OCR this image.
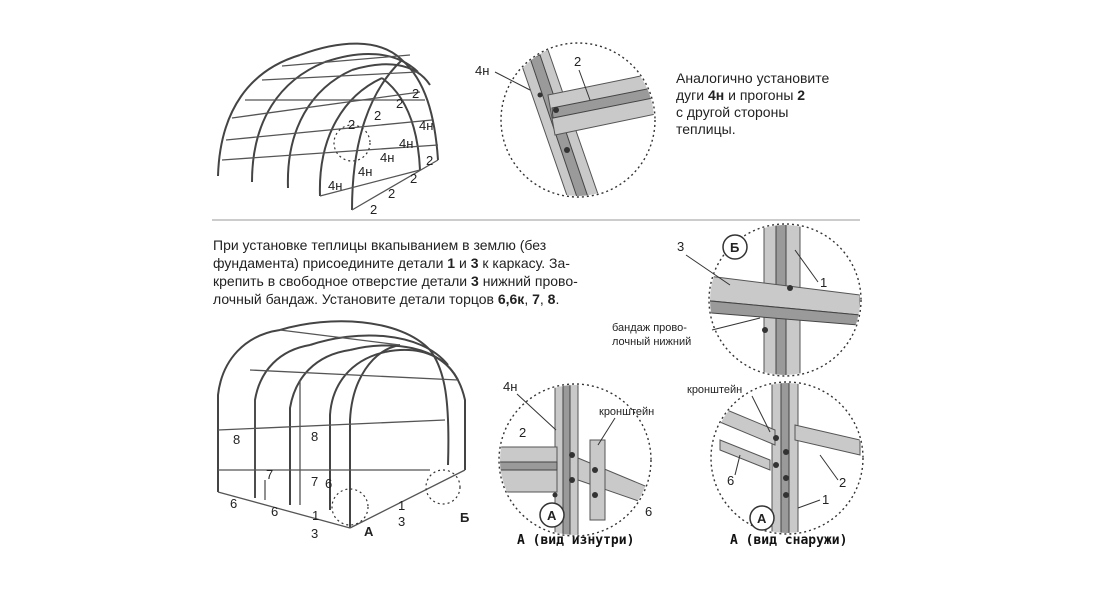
2
2
2
2
4н
4н
4н
4н
4н
2
2
2
2
4н
2
8	8
7	7
6
6
6
1
3
1
3
А
Б
Б
3
1
А
4н
2
кронштейн
6	А
кронштейн
6	2
1
А (вид изнутри)	А (вид снаружи)
бандаж прово-
лочный нижний
Аналогично установите
дуги 4н и прогоны 2
с другой стороны
теплицы.
При установке теплицы вкапыванием в землю (без
фундамента) присоедините детали 1 и 3 к каркасу. За-
крепить в свободное отверстие детали 3 нижний прово-
лочный бандаж. Установите детали торцов 6,6к, 7, 8.
